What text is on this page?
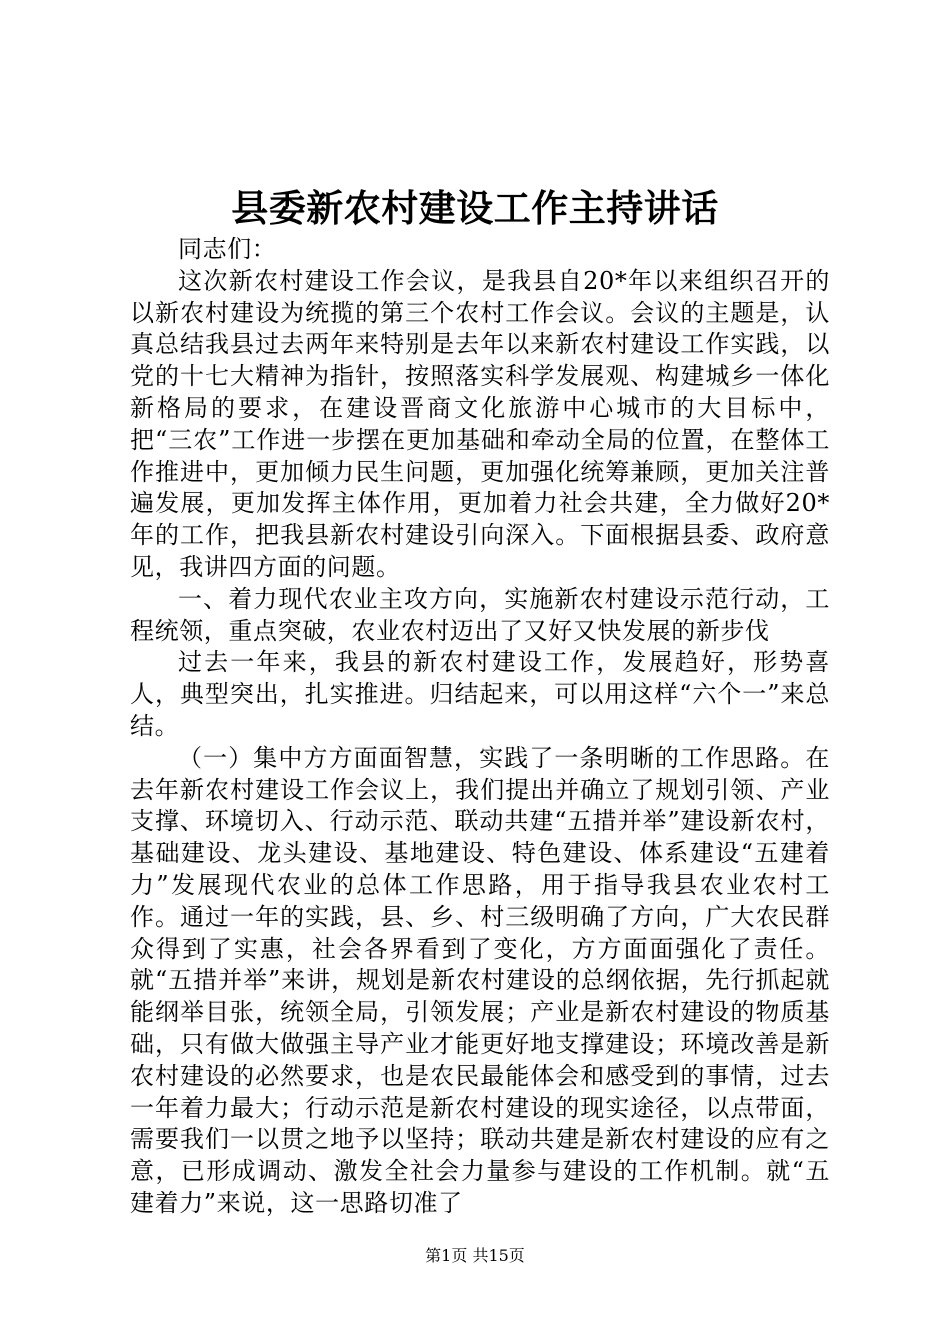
县委新农村建设工作主持讲话

同志们：

这次新农村建设工作会议，是我县自20*年以来组织召开的以新农村建设为统揽的第三个农村工作会议。会议的主题是，认真总结我县过去两年来特别是去年以来新农村建设工作实践，以党的十七大精神为指针，按照落实科学发展观、构建城乡一体化新格局的要求，在建设晋商文化旅游中心城市的大目标中，把“三农”工作进一步摆在更加基础和牵动全局的位置，在整体工作推进中，更加倾力民生问题，更加强化统筹兼顾，更加关注普遍发展，更加发挥主体作用，更加着力社会共建，全力做好20*年的工作，把我县新农村建设引向深入。下面根据县委、政府意见，我讲四方面的问题。

一、着力现代农业主攻方向，实施新农村建设示范行动，工程统领，重点突破，农业农村迈出了又好又快发展的新步伐

过去一年来，我县的新农村建设工作，发展趋好，形势喜人，典型突出，扎实推进。归结起来，可以用这样“六个一”来总结。

（一）集中方方面面智慧，实践了一条明晰的工作思路。在去年新农村建设工作会议上，我们提出并确立了规划引领、产业支撑、环境切入、行动示范、联动共建“五措并举”建设新农村，基础建设、龙头建设、基地建设、特色建设、体系建设“五建着力”发展现代农业的总体工作思路，用于指导我县农业农村工作。通过一年的实践，县、乡、村三级明确了方向，广大农民群众得到了实惠，社会各界看到了变化，方方面面强化了责任。就“五措并举”来讲，规划是新农村建设的总纲依据，先行抓起就能纲举目张，统领全局，引领发展；产业是新农村建设的物质基础，只有做大做强主导产业才能更好地支撑建设；环境改善是新农村建设的必然要求，也是农民最能体会和感受到的事情，过去一年着力最大；行动示范是新农村建设的现实途径，以点带面，需要我们一以贯之地予以坚持；联动共建是新农村建设的应有之意，已形成调动、激发全社会力量参与建设的工作机制。就“五建着力”来说，这一思路切准了

第1页 共15页
